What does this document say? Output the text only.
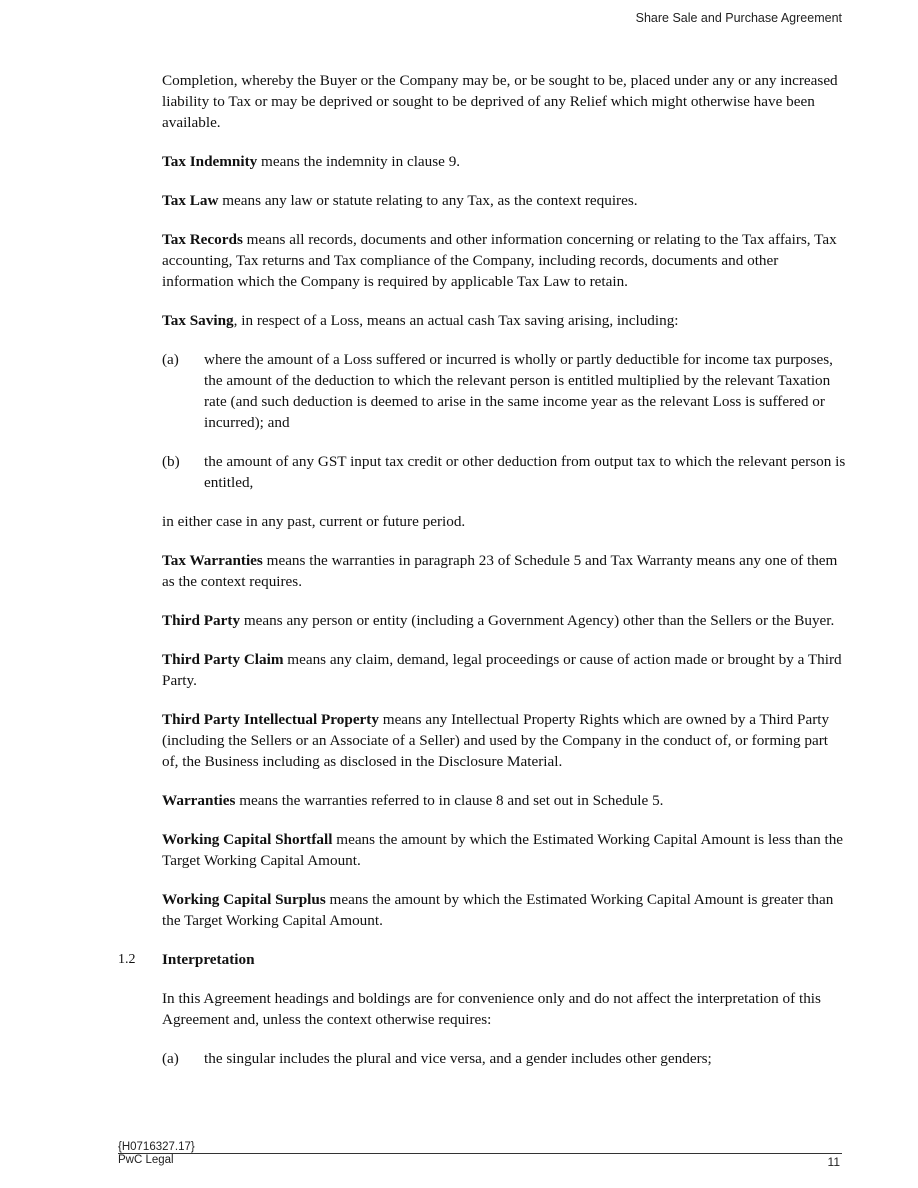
Share Sale and Purchase Agreement

Completion, whereby the Buyer or the Company may be, or be sought to be, placed under any or any increased liability to Tax or may be deprived or sought to be deprived of any Relief which might otherwise have been available.

Tax Indemnity means the indemnity in clause 9.

Tax Law means any law or statute relating to any Tax, as the context requires.

Tax Records means all records, documents and other information concerning or relating to the Tax affairs, Tax accounting, Tax returns and Tax compliance of the Company, including records, documents and other information which the Company is required by applicable Tax Law to retain.

Tax Saving, in respect of a Loss, means an actual cash Tax saving arising, including:

(a) where the amount of a Loss suffered or incurred is wholly or partly deductible for income tax purposes, the amount of the deduction to which the relevant person is entitled multiplied by the relevant Taxation rate (and such deduction is deemed to arise in the same income year as the relevant Loss is suffered or incurred); and

(b) the amount of any GST input tax credit or other deduction from output tax to which the relevant person is entitled,

in either case in any past, current or future period.

Tax Warranties means the warranties in paragraph 23 of Schedule 5 and Tax Warranty means any one of them as the context requires.

Third Party means any person or entity (including a Government Agency) other than the Sellers or the Buyer.

Third Party Claim means any claim, demand, legal proceedings or cause of action made or brought by a Third Party.

Third Party Intellectual Property means any Intellectual Property Rights which are owned by a Third Party (including the Sellers or an Associate of a Seller) and used by the Company in the conduct of, or forming part of, the Business including as disclosed in the Disclosure Material.

Warranties means the warranties referred to in clause 8 and set out in Schedule 5.

Working Capital Shortfall means the amount by which the Estimated Working Capital Amount is less than the Target Working Capital Amount.

Working Capital Surplus means the amount by which the Estimated Working Capital Amount is greater than the Target Working Capital Amount.

1.2 Interpretation

In this Agreement headings and boldings are for convenience only and do not affect the interpretation of this Agreement and, unless the context otherwise requires:

(a) the singular includes the plural and vice versa, and a gender includes other genders;

{H0716327.17}
PwC Legal	11
